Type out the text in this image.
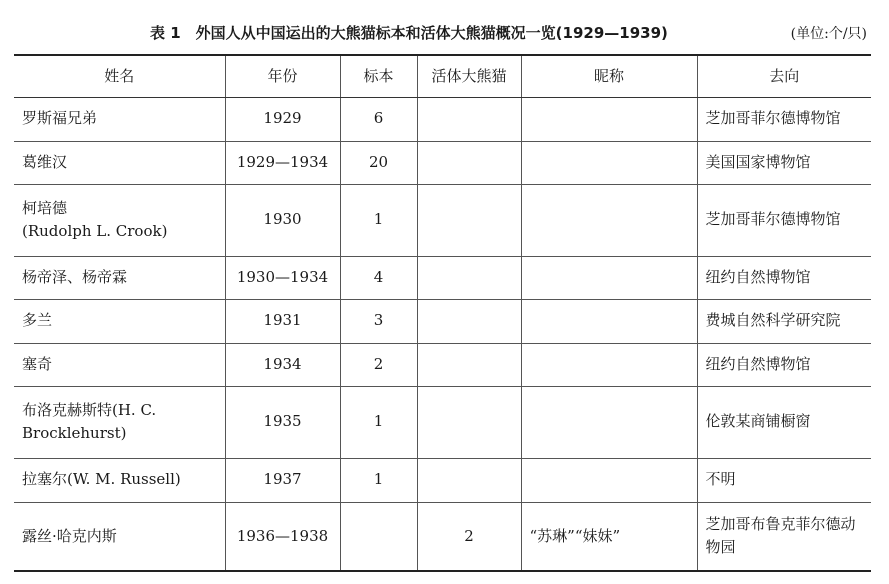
表 1　外国人从中国运出的大熊猫标本和活体大熊猫概况一览(1929—1939)	(单位:个/只)
姓名	年份	标本	活体大熊猫	昵称	去向
罗斯福兄弟	1929	6			芝加哥菲尔德博物馆
葛维汉	1929—1934	20			美国国家博物馆
柯培德
(Rudolph L. Crook)	1930	1			芝加哥菲尔德博物馆
杨帝泽、杨帝霖	1930—1934	4			纽约自然博物馆
多兰	1931	3			费城自然科学研究院
塞奇	1934	2			纽约自然博物馆
布洛克赫斯特(H. C.
Brocklehurst)	1935	1			伦敦某商铺橱窗
拉塞尔(W. M. Russell)	1937	1			不明
露丝·哈克内斯	1936—1938		2	“苏琳”“妹妹”	芝加哥布鲁克菲尔德动物园
